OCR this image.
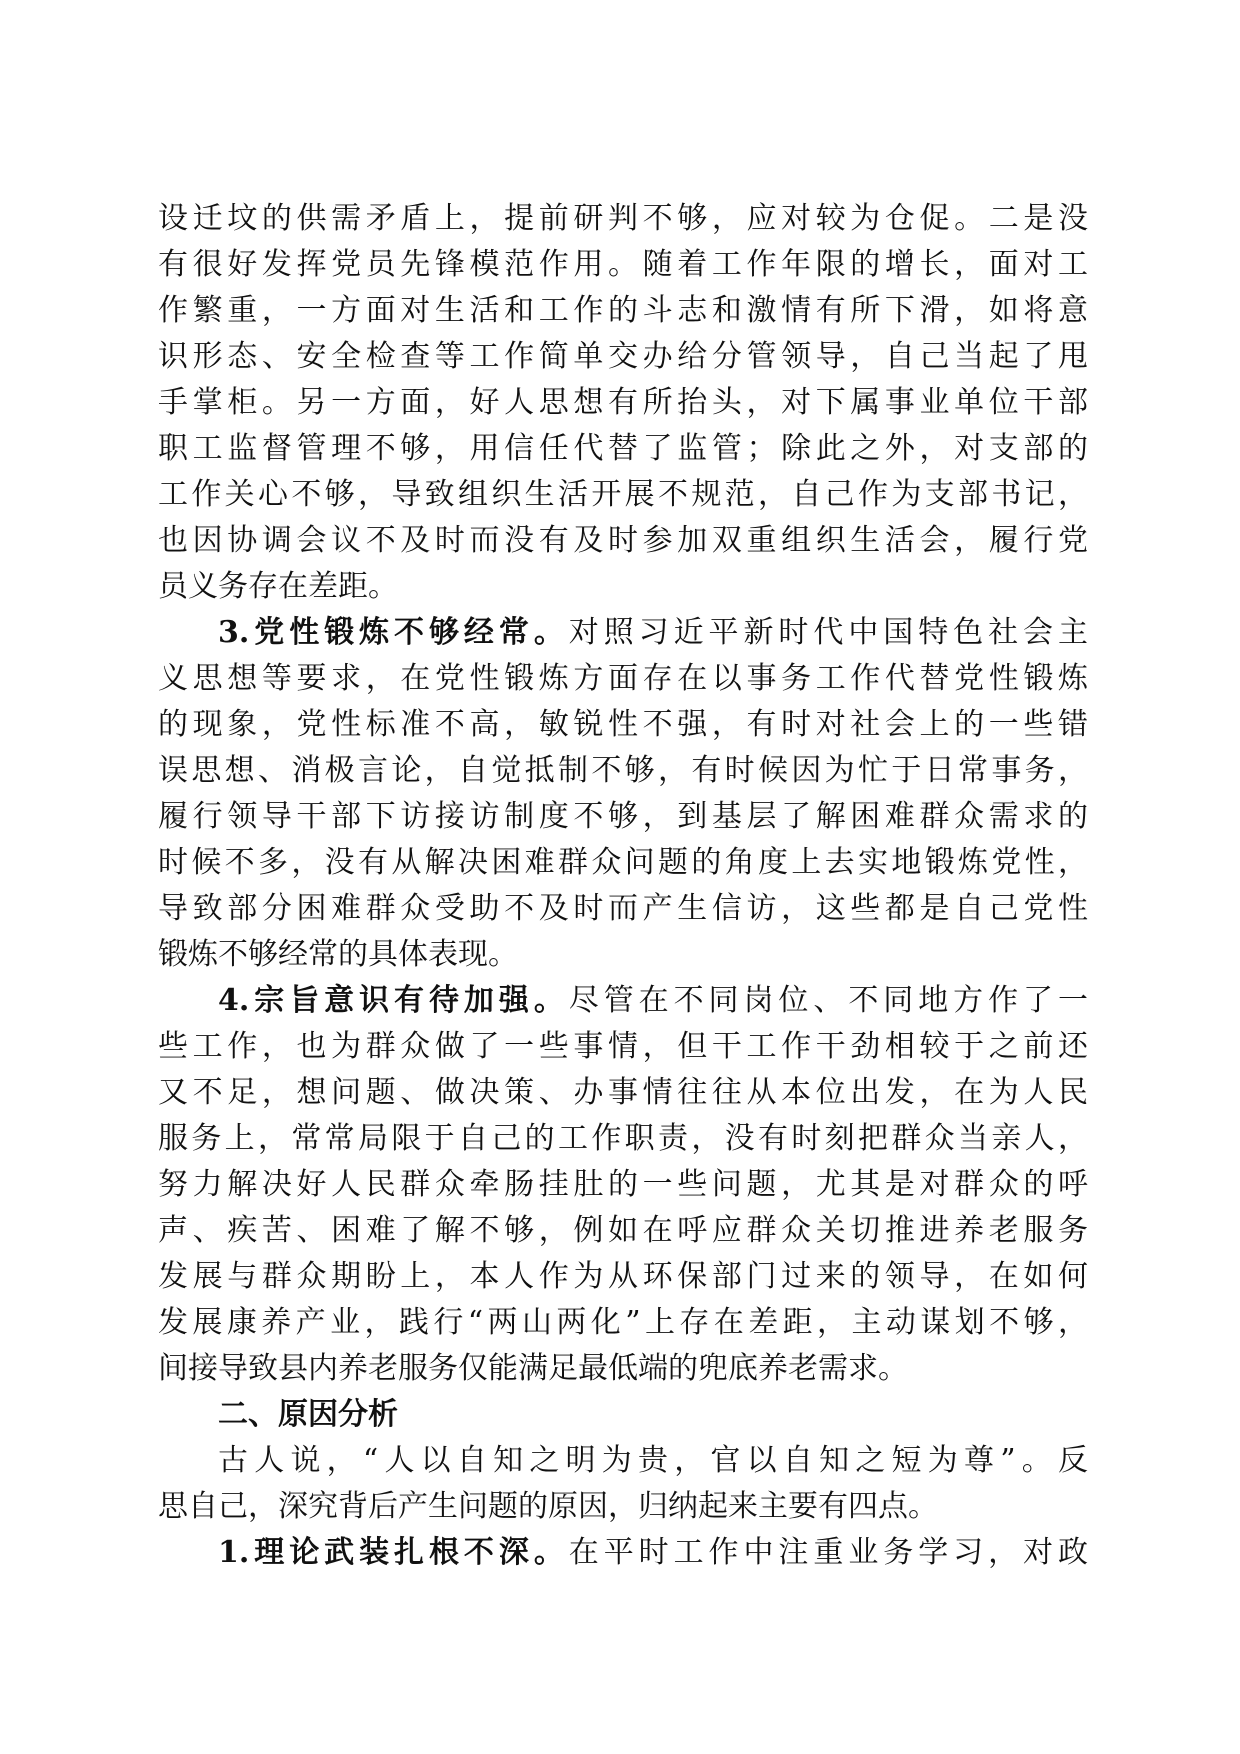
设迁坟的供需矛盾上，提前研判不够，应对较为仓促。二是没
有很好发挥党员先锋模范作用。随着工作年限的增长，面对工
作繁重，一方面对生活和工作的斗志和激情有所下滑，如将意
识形态、安全检查等工作简单交办给分管领导，自己当起了甩
手掌柜。另一方面，好人思想有所抬头，对下属事业单位干部
职工监督管理不够，用信任代替了监管；除此之外，对支部的
工作关心不够，导致组织生活开展不规范，自己作为支部书记，
也因协调会议不及时而没有及时参加双重组织生活会，履行党
员义务存在差距。
3.党性锻炼不够经常。对照习近平新时代中国特色社会主
义思想等要求，在党性锻炼方面存在以事务工作代替党性锻炼
的现象，党性标准不高，敏锐性不强，有时对社会上的一些错
误思想、消极言论，自觉抵制不够，有时候因为忙于日常事务，
履行领导干部下访接访制度不够，到基层了解困难群众需求的
时候不多，没有从解决困难群众问题的角度上去实地锻炼党性，
导致部分困难群众受助不及时而产生信访，这些都是自己党性
锻炼不够经常的具体表现。
4.宗旨意识有待加强。尽管在不同岗位、不同地方作了一
些工作，也为群众做了一些事情，但干工作干劲相较于之前还
又不足，想问题、做决策、办事情往往从本位出发，在为人民
服务上，常常局限于自己的工作职责，没有时刻把群众当亲人，
努力解决好人民群众牵肠挂肚的一些问题，尤其是对群众的呼
声、疾苦、困难了解不够，例如在呼应群众关切推进养老服务
发展与群众期盼上，本人作为从环保部门过来的领导，在如何
发展康养产业，践行“两山两化”上存在差距，主动谋划不够，
间接导致县内养老服务仅能满足最低端的兜底养老需求。
二、原因分析
古人说，“人以自知之明为贵，官以自知之短为尊”。反
思自己，深究背后产生问题的原因，归纳起来主要有四点。
1.理论武装扎根不深。在平时工作中注重业务学习，对政
